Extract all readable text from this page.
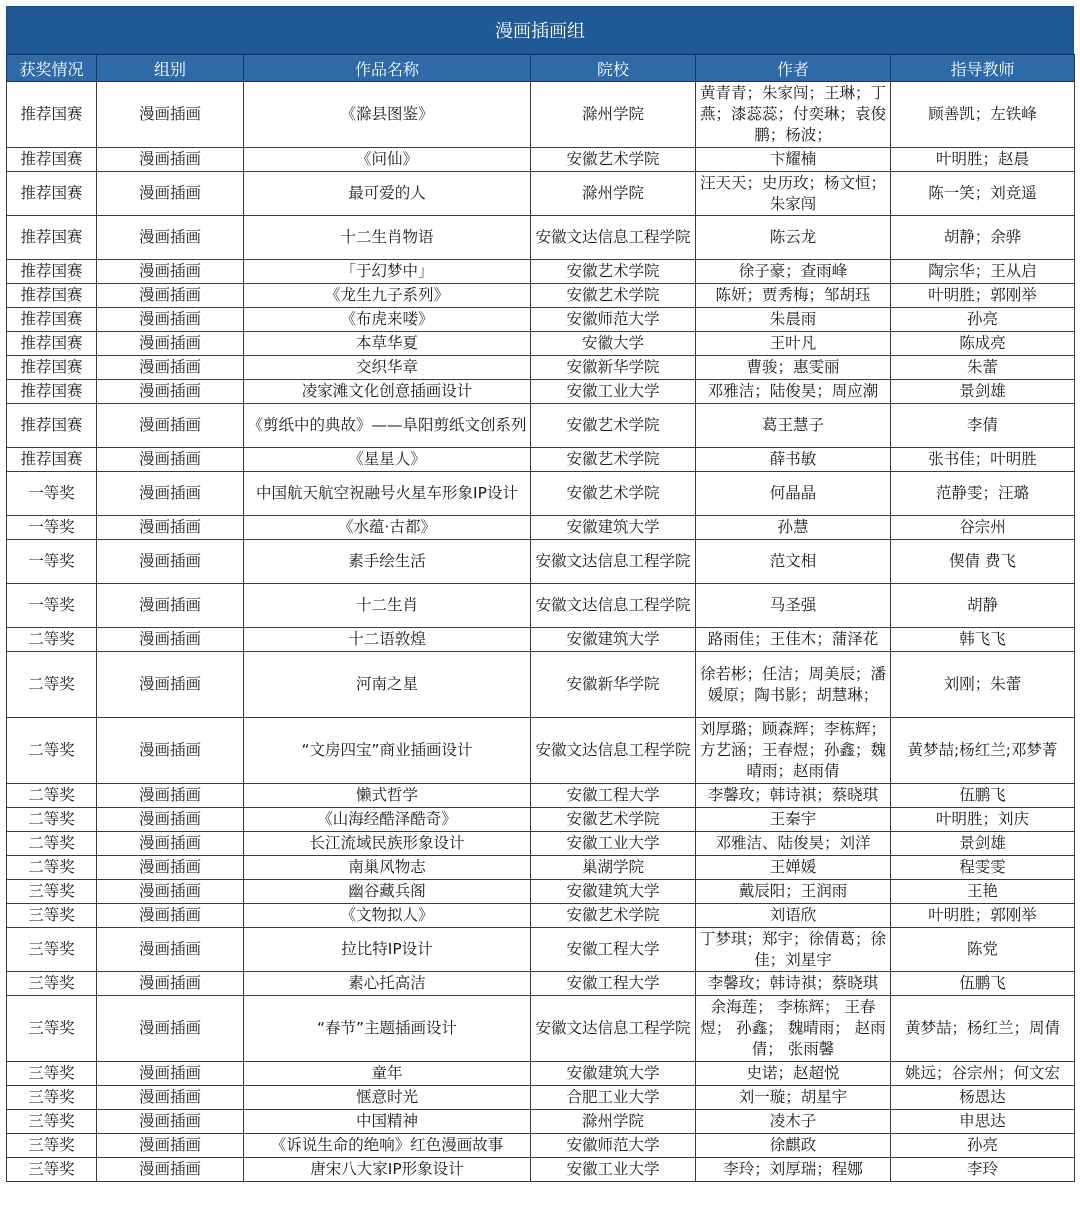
漫画插画组
获奖情况	组别	作品名称	院校	作者	指导教师
推荐国赛	漫画插画	《滁县图鉴》	滁州学院	黄青青；朱家闯；王琳；丁燕；漆蕊蕊；付奕琳；袁俊鹏；杨波；	顾善凯；左铁峰
推荐国赛	漫画插画	《问仙》	安徽艺术学院	卞耀楠	叶明胜；赵晨
推荐国赛	漫画插画	最可爱的人	滁州学院	汪天天；史历玫；杨文恒；朱家闯	陈一笑；刘竞遥
推荐国赛	漫画插画	十二生肖物语	安徽文达信息工程学院	陈云龙	胡静；余骅
推荐国赛	漫画插画	「于幻梦中」	安徽艺术学院	徐子豪；查雨峰	陶宗华；王从启
推荐国赛	漫画插画	《龙生九子系列》	安徽艺术学院	陈妍；贾秀梅；邹胡珏	叶明胜；郭刚举
推荐国赛	漫画插画	《布虎来喽》	安徽师范大学	朱晨雨	孙亮
推荐国赛	漫画插画	本草华夏	安徽大学	王叶凡	陈成亮
推荐国赛	漫画插画	交织华章	安徽新华学院	曹骏；惠雯丽	朱蕾
推荐国赛	漫画插画	凌家滩文化创意插画设计	安徽工业大学	邓雅洁；陆俊昊；周应潮	景剑雄
推荐国赛	漫画插画	《剪纸中的典故》——阜阳剪纸文创系列	安徽艺术学院	葛王慧子	李倩
推荐国赛	漫画插画	《星星人》	安徽艺术学院	薛书敏	张书佳；叶明胜
一等奖	漫画插画	中国航天航空祝融号火星车形象IP设计	安徽艺术学院	何晶晶	范静雯；汪璐
一等奖	漫画插画	《水蕴·古都》	安徽建筑大学	孙慧	谷宗州
一等奖	漫画插画	素手绘生活	安徽文达信息工程学院	范文相	偰倩 费飞
一等奖	漫画插画	十二生肖	安徽文达信息工程学院	马圣强	胡静
二等奖	漫画插画	十二语敦煌	安徽建筑大学	路雨佳；王佳木；蒲泽花	韩飞飞
二等奖	漫画插画	河南之星	安徽新华学院	徐若彬；任洁；周美辰；潘媛原；陶书影；胡慧琳；	刘刚；朱蕾
二等奖	漫画插画	“文房四宝”商业插画设计	安徽文达信息工程学院	刘厚璐；顾森辉；李栋辉；方艺涵；王春煜；孙鑫；魏晴雨；赵雨倩	黄梦喆;杨红兰;邓梦菁
二等奖	漫画插画	懒式哲学	安徽工程大学	李馨玫；韩诗祺；蔡晓琪	伍鹏飞
二等奖	漫画插画	《山海经酷泽酷奇》	安徽艺术学院	王秦宇	叶明胜；刘庆
二等奖	漫画插画	长江流域民族形象设计	安徽工业大学	邓雅洁、陆俊昊；刘洋	景剑雄
二等奖	漫画插画	南巢风物志	巢湖学院	王婵媛	程雯雯
三等奖	漫画插画	幽谷藏兵阁	安徽建筑大学	戴辰阳；王润雨	王艳
三等奖	漫画插画	《文物拟人》	安徽艺术学院	刘语欣	叶明胜；郭刚举
三等奖	漫画插画	拉比特IP设计	安徽工程大学	丁梦琪；郑宇；徐倩葛；徐佳；刘星宇	陈党
三等奖	漫画插画	素心托高洁	安徽工程大学	李馨玫；韩诗祺；蔡晓琪	伍鹏飞
三等奖	漫画插画	“春节”主题插画设计	安徽文达信息工程学院	余海莲； 李栋辉； 王春煜； 孙鑫； 魏晴雨； 赵雨倩； 张雨馨	黄梦喆；杨红兰；周倩
三等奖	漫画插画	童年	安徽建筑大学	史诺；赵超悦	姚远；谷宗州；何文宏
三等奖	漫画插画	惬意时光	合肥工业大学	刘一璇；胡星宇	杨恩达
三等奖	漫画插画	中国精神	滁州学院	凌木子	申思达
三等奖	漫画插画	《诉说生命的绝响》红色漫画故事	安徽师范大学	徐麒政	孙亮
三等奖	漫画插画	唐宋八大家IP形象设计	安徽工业大学	李玲；刘厚瑞；程娜	李玲
